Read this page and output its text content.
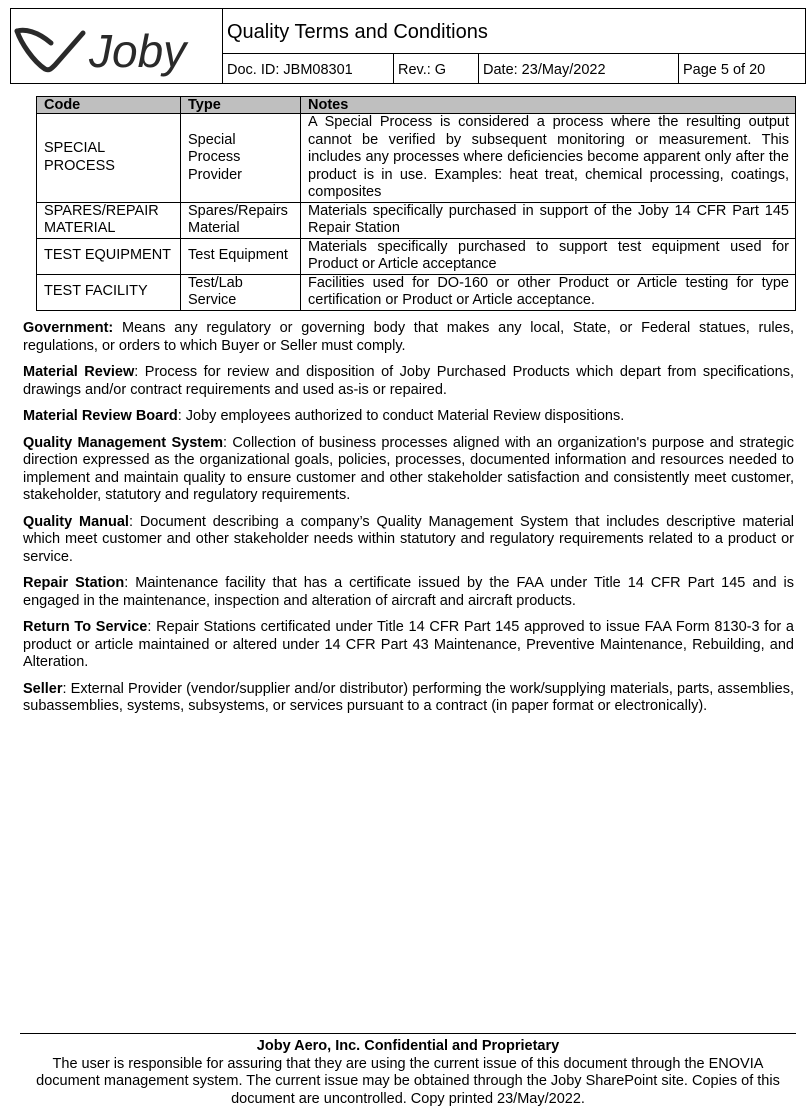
Joby Quality Terms and Conditions
Doc. ID: JBM08301	Rev.: G	Date: 23/May/2022	Page 5 of 20
Code	Type	Notes
SPECIAL PROCESS	Special Process Provider	A Special Process is considered a process where the resulting output cannot be verified by subsequent monitoring or measurement. This includes any processes where deficiencies become apparent only after the product is in use. Examples: heat treat, chemical processing, coatings, composites
SPARES/REPAIR MATERIAL	Spares/Repairs Material	Materials specifically purchased in support of the Joby 14 CFR Part 145 Repair Station
TEST EQUIPMENT	Test Equipment	Materials specifically purchased to support test equipment used for Product or Article acceptance
TEST FACILITY	Test/Lab Service	Facilities used for DO-160 or other Product or Article testing for type certification or Product or Article acceptance.

Government: Means any regulatory or governing body that makes any local, State, or Federal statues, rules, regulations, or orders to which Buyer or Seller must comply.

Material Review: Process for review and disposition of Joby Purchased Products which depart from specifications, drawings and/or contract requirements and used as-is or repaired.

Material Review Board: Joby employees authorized to conduct Material Review dispositions.

Quality Management System: Collection of business processes aligned with an organization's purpose and strategic direction expressed as the organizational goals, policies, processes, documented information and resources needed to implement and maintain quality to ensure customer and other stakeholder satisfaction and consistently meet customer, stakeholder, statutory and regulatory requirements.

Quality Manual: Document describing a company’s Quality Management System that includes descriptive material which meet customer and other stakeholder needs within statutory and regulatory requirements related to a product or service.

Repair Station: Maintenance facility that has a certificate issued by the FAA under Title 14 CFR Part 145 and is engaged in the maintenance, inspection and alteration of aircraft and aircraft products.

Return To Service: Repair Stations certificated under Title 14 CFR Part 145 approved to issue FAA Form 8130-3 for a product or article maintained or altered under 14 CFR Part 43 Maintenance, Preventive Maintenance, Rebuilding, and Alteration.

Seller: External Provider (vendor/supplier and/or distributor) performing the work/supplying materials, parts, assemblies, subassemblies, systems, subsystems, or services pursuant to a contract (in paper format or electronically).

Joby Aero, Inc. Confidential and Proprietary
The user is responsible for assuring that they are using the current issue of this document through the ENOVIA document management system. The current issue may be obtained through the Joby SharePoint site. Copies of this document are uncontrolled. Copy printed 23/May/2022.
